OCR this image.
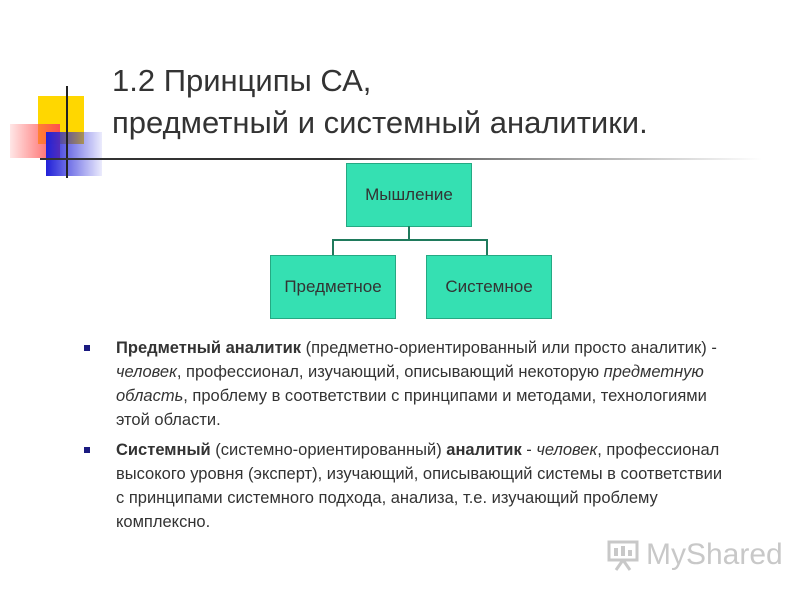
1.2 Принципы СА,
предметный и системный аналитики.
Мышление
Предметное	Системное
Предметный аналитик (предметно-ориентированный или просто аналитик) - человек, профессионал, изучающий, описывающий некоторую предметную область, проблему в соответствии с принципами и методами, технологиями этой области.
Системный (системно-ориентированный) аналитик - человек, профессионал высокого уровня (эксперт), изучающий, описывающий системы в соответствии с принципами системного подхода, анализа, т.е. изучающий проблему комплексно.
MyShared
